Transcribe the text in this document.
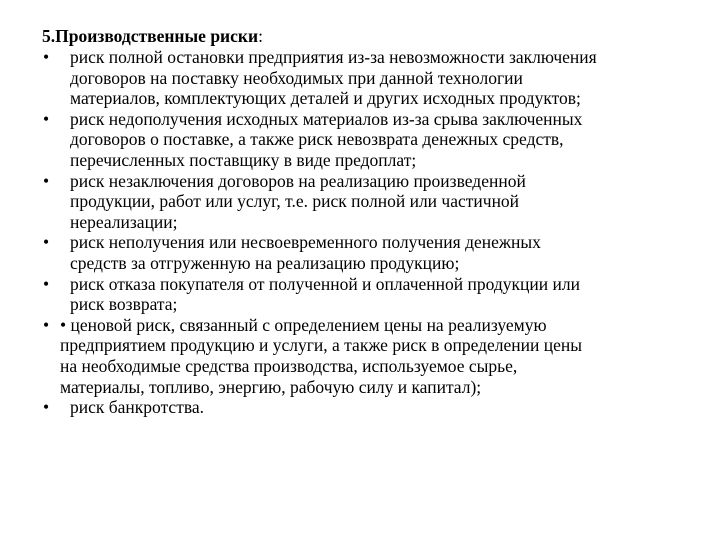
5.Производственные риски:

• риск полной остановки предприятия из-за невозможности заключения
договоров на поставку необходимых при данной технологии
материалов, комплектующих деталей и других исходных продуктов;
• риск недополучения исходных материалов из-за срыва заключенных
договоров о поставке, а также риск невозврата денежных средств,
перечисленных поставщику в виде предоплат;
• риск незаключения договоров на реализацию произведенной
продукции, работ или услуг, т.е. риск полной или частичной
нереализации;
• риск неполучения или несвоевременного получения денежных
средств за отгруженную на реализацию продукцию;
• риск отказа покупателя от полученной и оплаченной продукции или
риск возврата;
• • ценовой риск, связанный с определением цены на реализуемую
предприятием продукцию и услуги, а также риск в определении цены
на необходимые средства производства, используемое сырье,
материалы, топливо, энергию, рабочую силу и капитал);
• риск банкротства.
